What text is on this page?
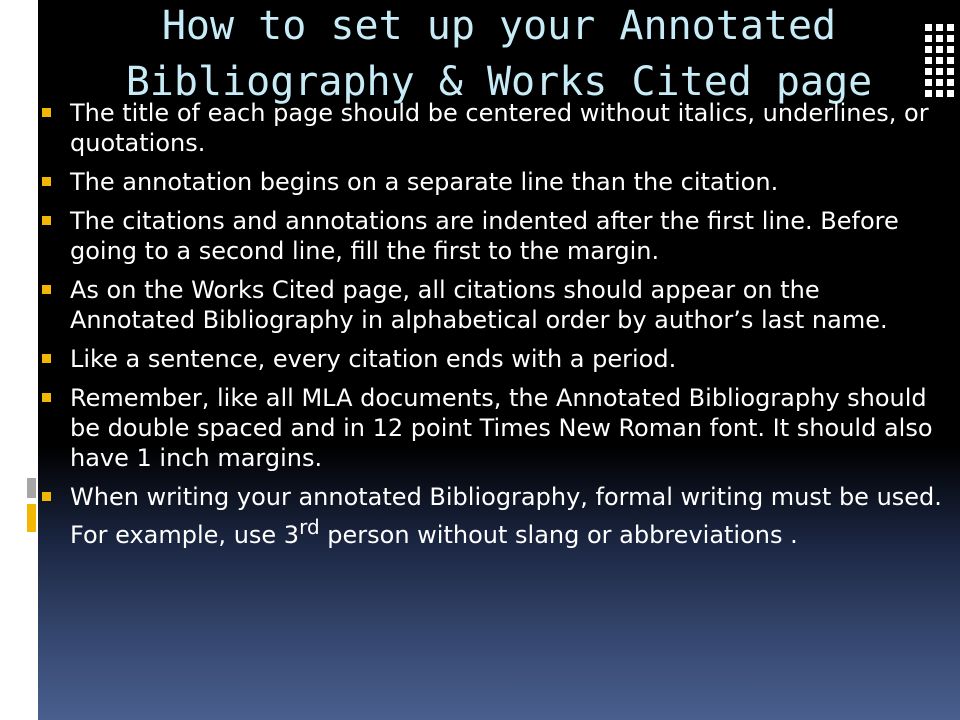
How to set up your Annotated
Bibliography & Works Cited page
The title of each page should be centered without italics, underlines, or quotations.
The annotation begins on a separate line than the citation.
The citations and annotations are indented after the first line. Before going to a second line, fill the first to the margin.
As on the Works Cited page, all citations should appear on the Annotated Bibliography in alphabetical order by author’s last name.
Like a sentence, every citation ends with a period.
Remember, like all MLA documents, the Annotated Bibliography should be double spaced and in 12 point Times New Roman font. It should also have 1 inch margins.
When writing your annotated Bibliography, formal writing must be used. For example, use 3rd person without slang or abbreviations .
